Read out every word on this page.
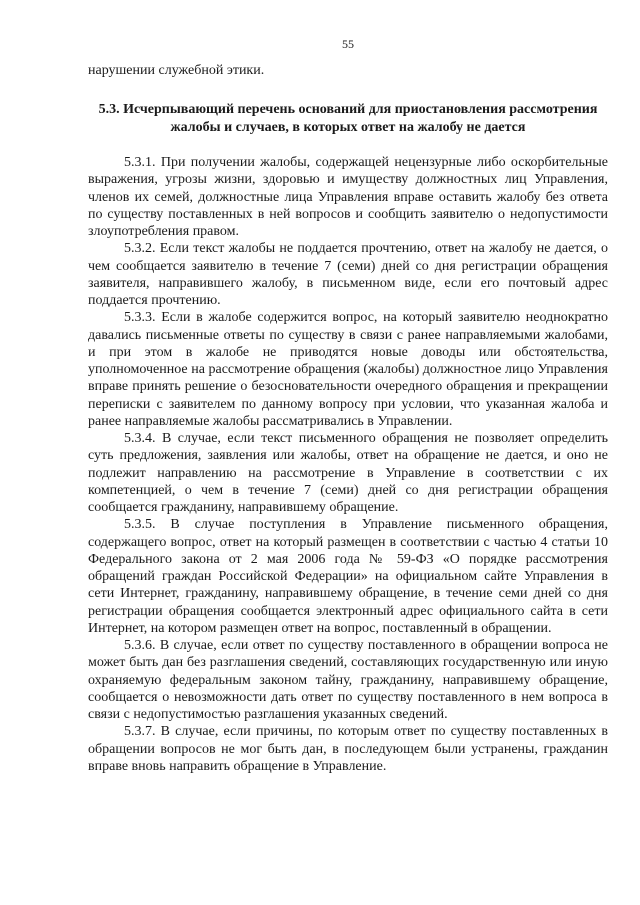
55
нарушении служебной этики.
5.3. Исчерпывающий перечень оснований для приостановления рассмотрения жалобы и случаев, в которых ответ на жалобу не дается

5.3.1. При получении жалобы, содержащей нецензурные либо оскорбительные выражения, угрозы жизни, здоровью и имуществу должностных лиц Управления, членов их семей, должностные лица Управления вправе оставить жалобу без ответа по существу поставленных в ней вопросов и сообщить заявителю о недопустимости злоупотребления правом.

5.3.2. Если текст жалобы не поддается прочтению, ответ на жалобу не дается, о чем сообщается заявителю в течение 7 (семи) дней со дня регистрации обращения заявителя, направившего жалобу, в письменном виде, если его почтовый адрес поддается прочтению.

5.3.3. Если в жалобе содержится вопрос, на который заявителю неоднократно давались письменные ответы по существу в связи с ранее направляемыми жалобами, и при этом в жалобе не приводятся новые доводы или обстоятельства, уполномоченное на рассмотрение обращения (жалобы) должностное лицо Управления вправе принять решение о безосновательности очередного обращения и прекращении переписки с заявителем по данному вопросу при условии, что указанная жалоба и ранее направляемые жалобы рассматривались в Управлении.

5.3.4. В случае, если текст письменного обращения не позволяет определить суть предложения, заявления или жалобы, ответ на обращение не дается, и оно не подлежит направлению на рассмотрение в Управление в соответствии с их компетенцией, о чем в течение 7 (семи) дней со дня регистрации обращения сообщается гражданину, направившему обращение.

5.3.5. В случае поступления в Управление письменного обращения, содержащего вопрос, ответ на который размещен в соответствии с частью 4 статьи 10 Федерального закона от 2 мая 2006 года № 59-ФЗ «О порядке рассмотрения обращений граждан Российской Федерации» на официальном сайте Управления в сети Интернет, гражданину, направившему обращение, в течение семи дней со дня регистрации обращения сообщается электронный адрес официального сайта в сети Интернет, на котором размещен ответ на вопрос, поставленный в обращении.

5.3.6. В случае, если ответ по существу поставленного в обращении вопроса не может быть дан без разглашения сведений, составляющих государственную или иную охраняемую федеральным законом тайну, гражданину, направившему обращение, сообщается о невозможности дать ответ по существу поставленного в нем вопроса в связи с недопустимостью разглашения указанных сведений.

5.3.7. В случае, если причины, по которым ответ по существу поставленных в обращении вопросов не мог быть дан, в последующем были устранены, гражданин вправе вновь направить обращение в Управление.
